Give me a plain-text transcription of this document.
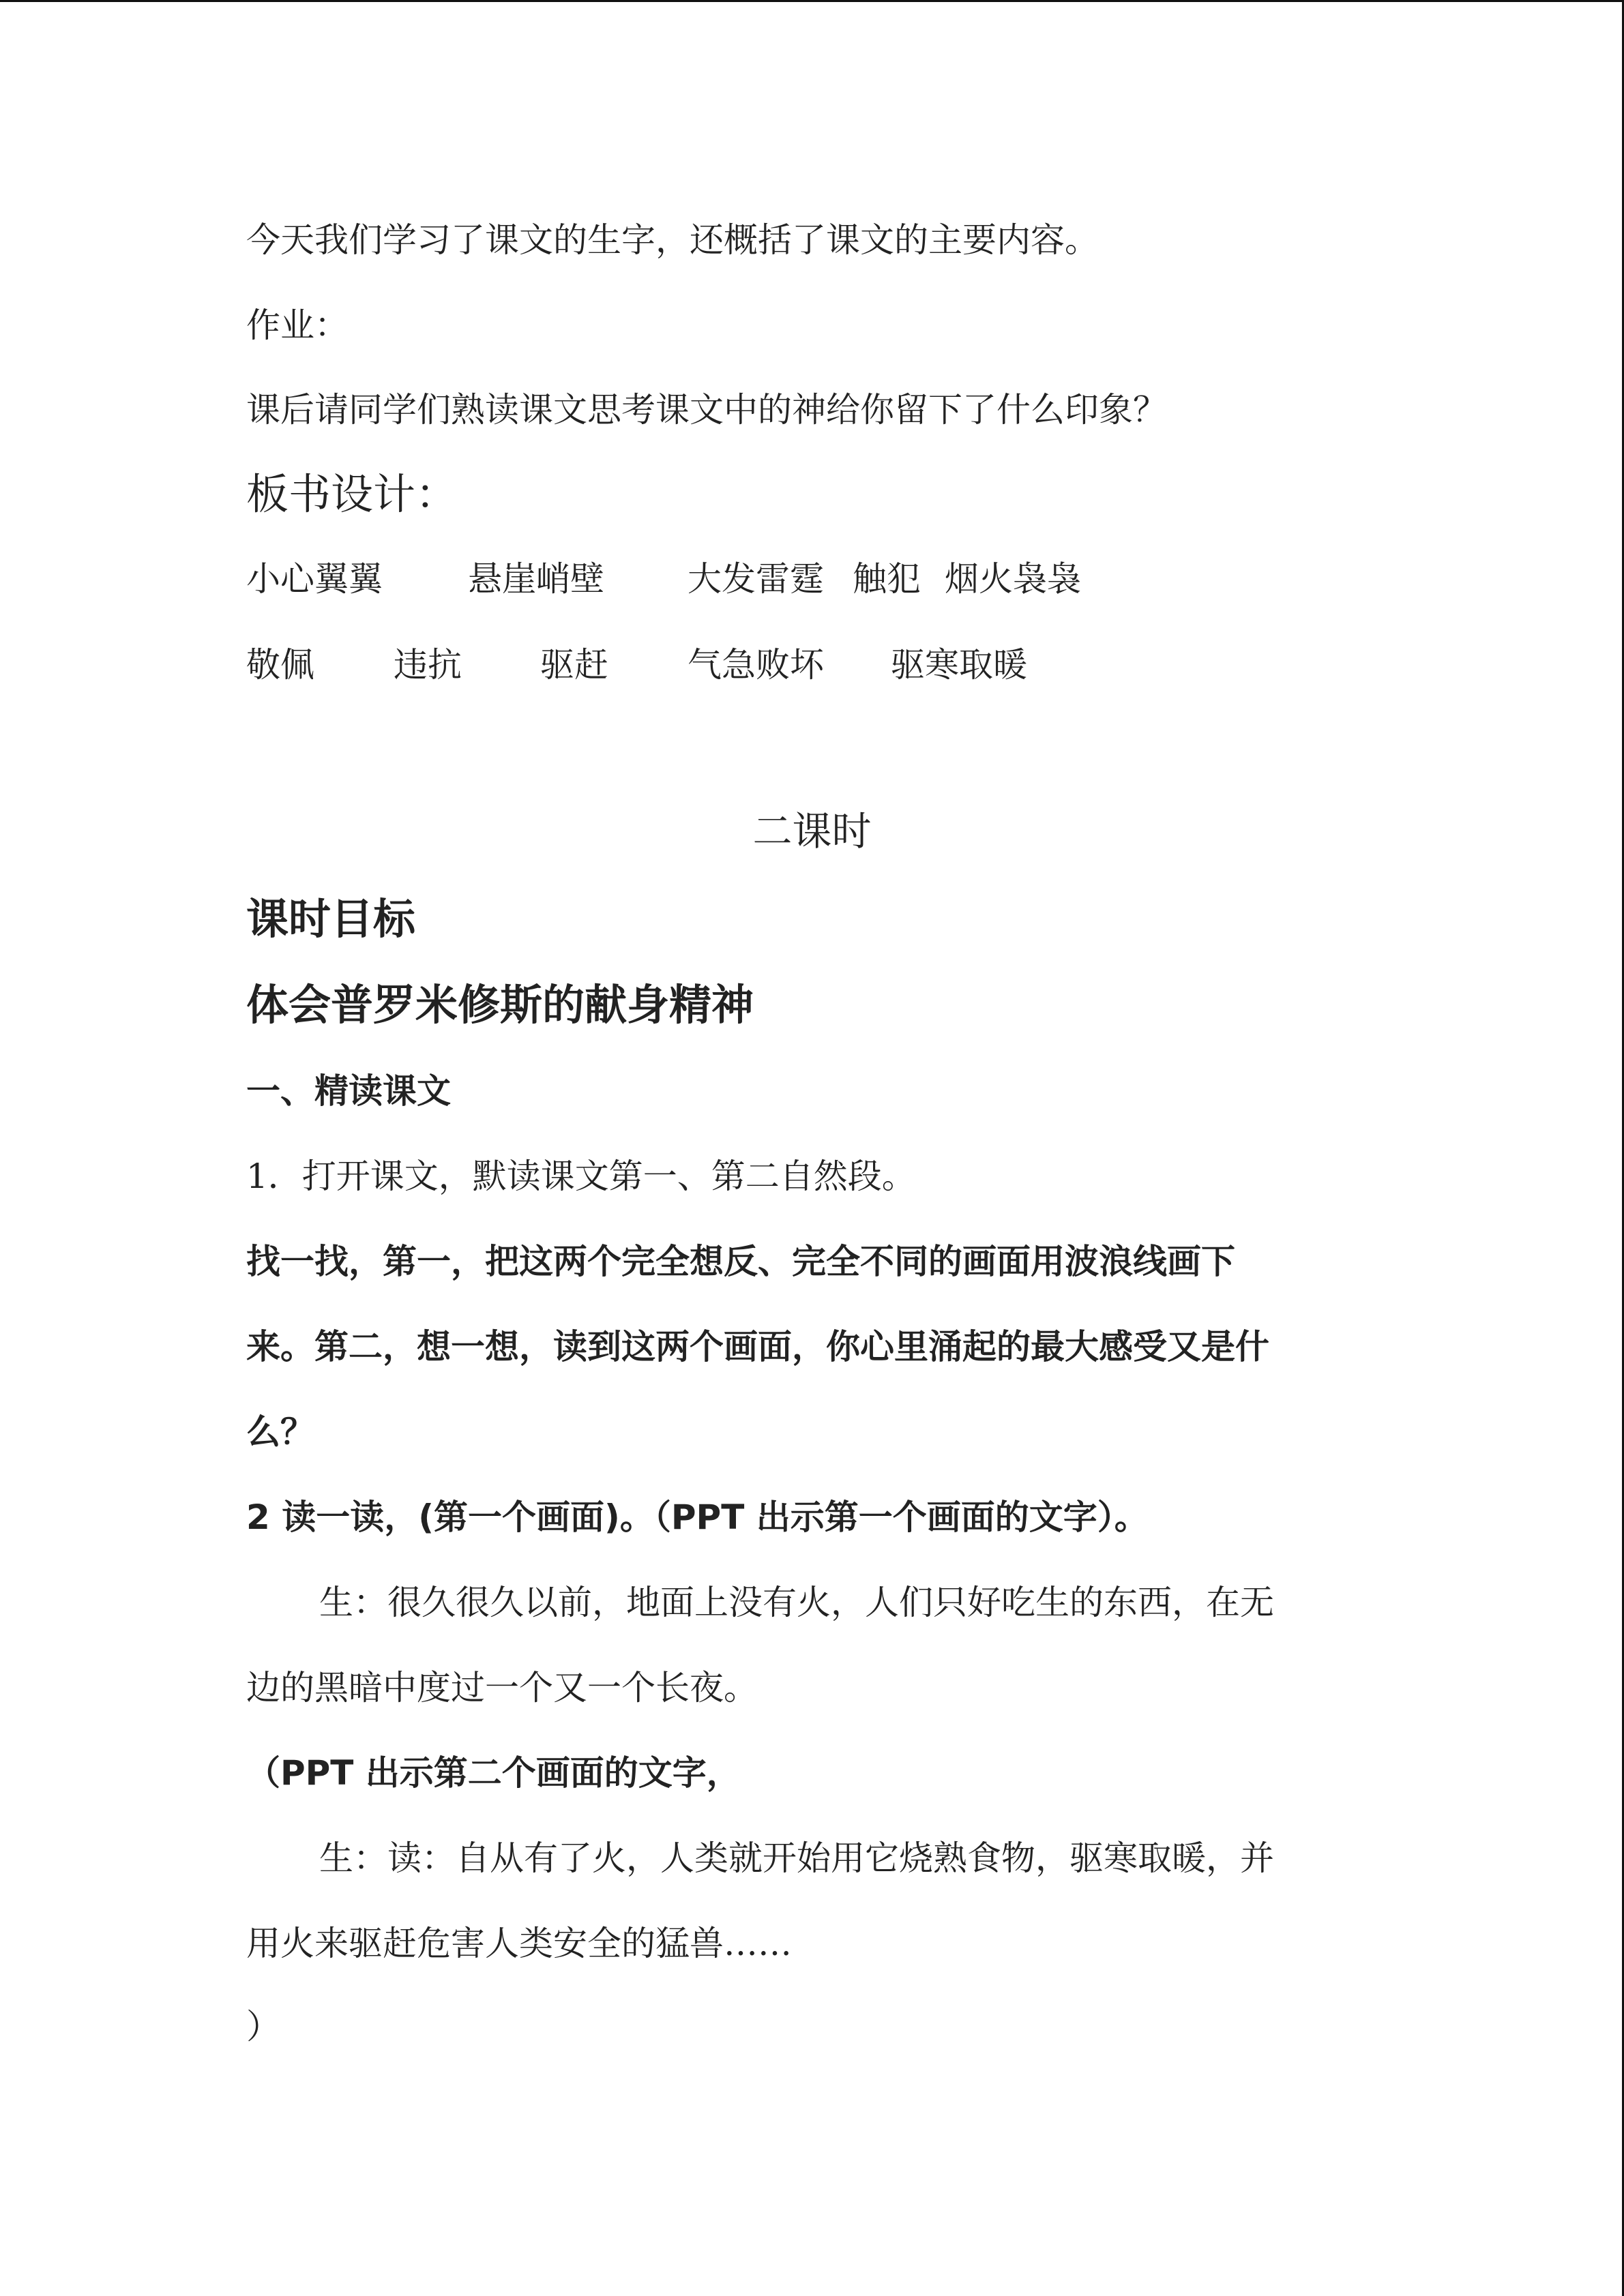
今天我们学习了课文的生字，还概括了课文的主要内容。
作业：
课后请同学们熟读课文思考课文中的神给你留下了什么印象？
板书设计：
小心翼翼	悬崖峭壁 大发雷霆 触犯 烟火袅袅
敬佩 违抗 驱赶 气急败坏 驱寒取暖
二课时
课时目标
体会普罗米修斯的献身精神
一、精读课文
1．打开课文，默读课文第一、第二自然段。
找一找，第一，把这两个完全想反、完全不同的画面用波浪线画下
来。第二，想一想，读到这两个画面，你心里涌起的最大感受又是什
么？
2 读一读，(第一个画面)。（PPT 出示第一个画面的文字）。
生：很久很久以前，地面上没有火，人们只好吃生的东西，在无
边的黑暗中度过一个又一个长夜。
（PPT 出示第二个画面的文字，
生：读：自从有了火，人类就开始用它烧熟食物，驱寒取暖，并
用火来驱赶危害人类安全的猛兽……
）
